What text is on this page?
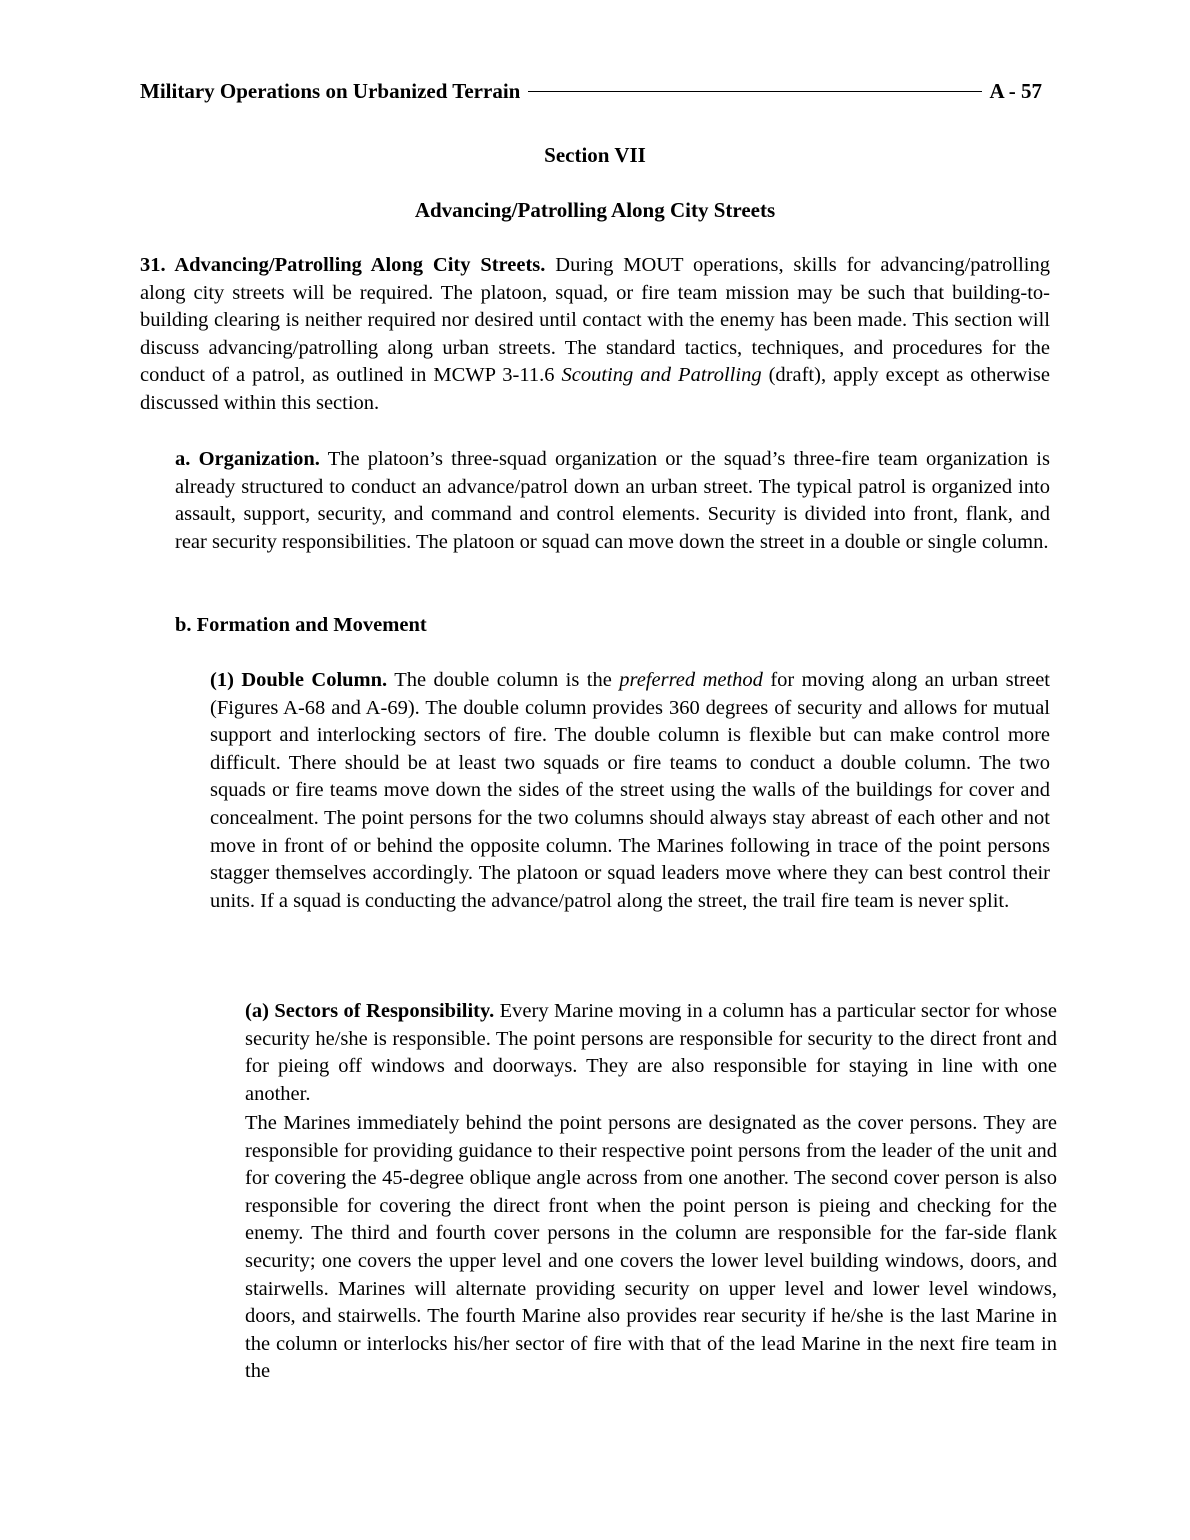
Military Operations on Urbanized Terrain	A - 57
Section VII
Advancing/Patrolling Along City Streets

31. Advancing/Patrolling Along City Streets. During MOUT operations, skills for advancing/patrolling along city streets will be required. The platoon, squad, or fire team mission may be such that building-to-building clearing is neither required nor desired until contact with the enemy has been made. This section will discuss advancing/patrolling along urban streets. The standard tactics, techniques, and procedures for the conduct of a patrol, as outlined in MCWP 3-11.6 Scouting and Patrolling (draft), apply except as otherwise discussed within this section.

a. Organization. The platoon’s three-squad organization or the squad’s three-fire team organization is already structured to conduct an advance/patrol down an urban street. The typical patrol is organized into assault, support, security, and command and control elements. Security is divided into front, flank, and rear security responsibilities. The platoon or squad can move down the street in a double or single column.

b. Formation and Movement

(1) Double Column. The double column is the preferred method for moving along an urban street (Figures A-68 and A-69). The double column provides 360 degrees of security and allows for mutual support and interlocking sectors of fire. The double column is flexible but can make control more difficult. There should be at least two squads or fire teams to conduct a double column. The two squads or fire teams move down the sides of the street using the walls of the buildings for cover and concealment. The point persons for the two columns should always stay abreast of each other and not move in front of or behind the opposite column. The Marines following in trace of the point persons stagger themselves accordingly. The platoon or squad leaders move where they can best control their units. If a squad is conducting the advance/patrol along the street, the trail fire team is never split.

(a) Sectors of Responsibility. Every Marine moving in a column has a particular sector for whose security he/she is responsible. The point persons are responsible for security to the direct front and for pieing off windows and doorways. They are also responsible for staying in line with one another.

The Marines immediately behind the point persons are designated as the cover persons. They are responsible for providing guidance to their respective point persons from the leader of the unit and for covering the 45-degree oblique angle across from one another. The second cover person is also responsible for covering the direct front when the point person is pieing and checking for the enemy. The third and fourth cover persons in the column are responsible for the far-side flank security; one covers the upper level and one covers the lower level building windows, doors, and stairwells. Marines will alternate providing security on upper level and lower level windows, doors, and stairwells. The fourth Marine also provides rear security if he/she is the last Marine in the column or interlocks his/her sector of fire with that of the lead Marine in the next fire team in the
